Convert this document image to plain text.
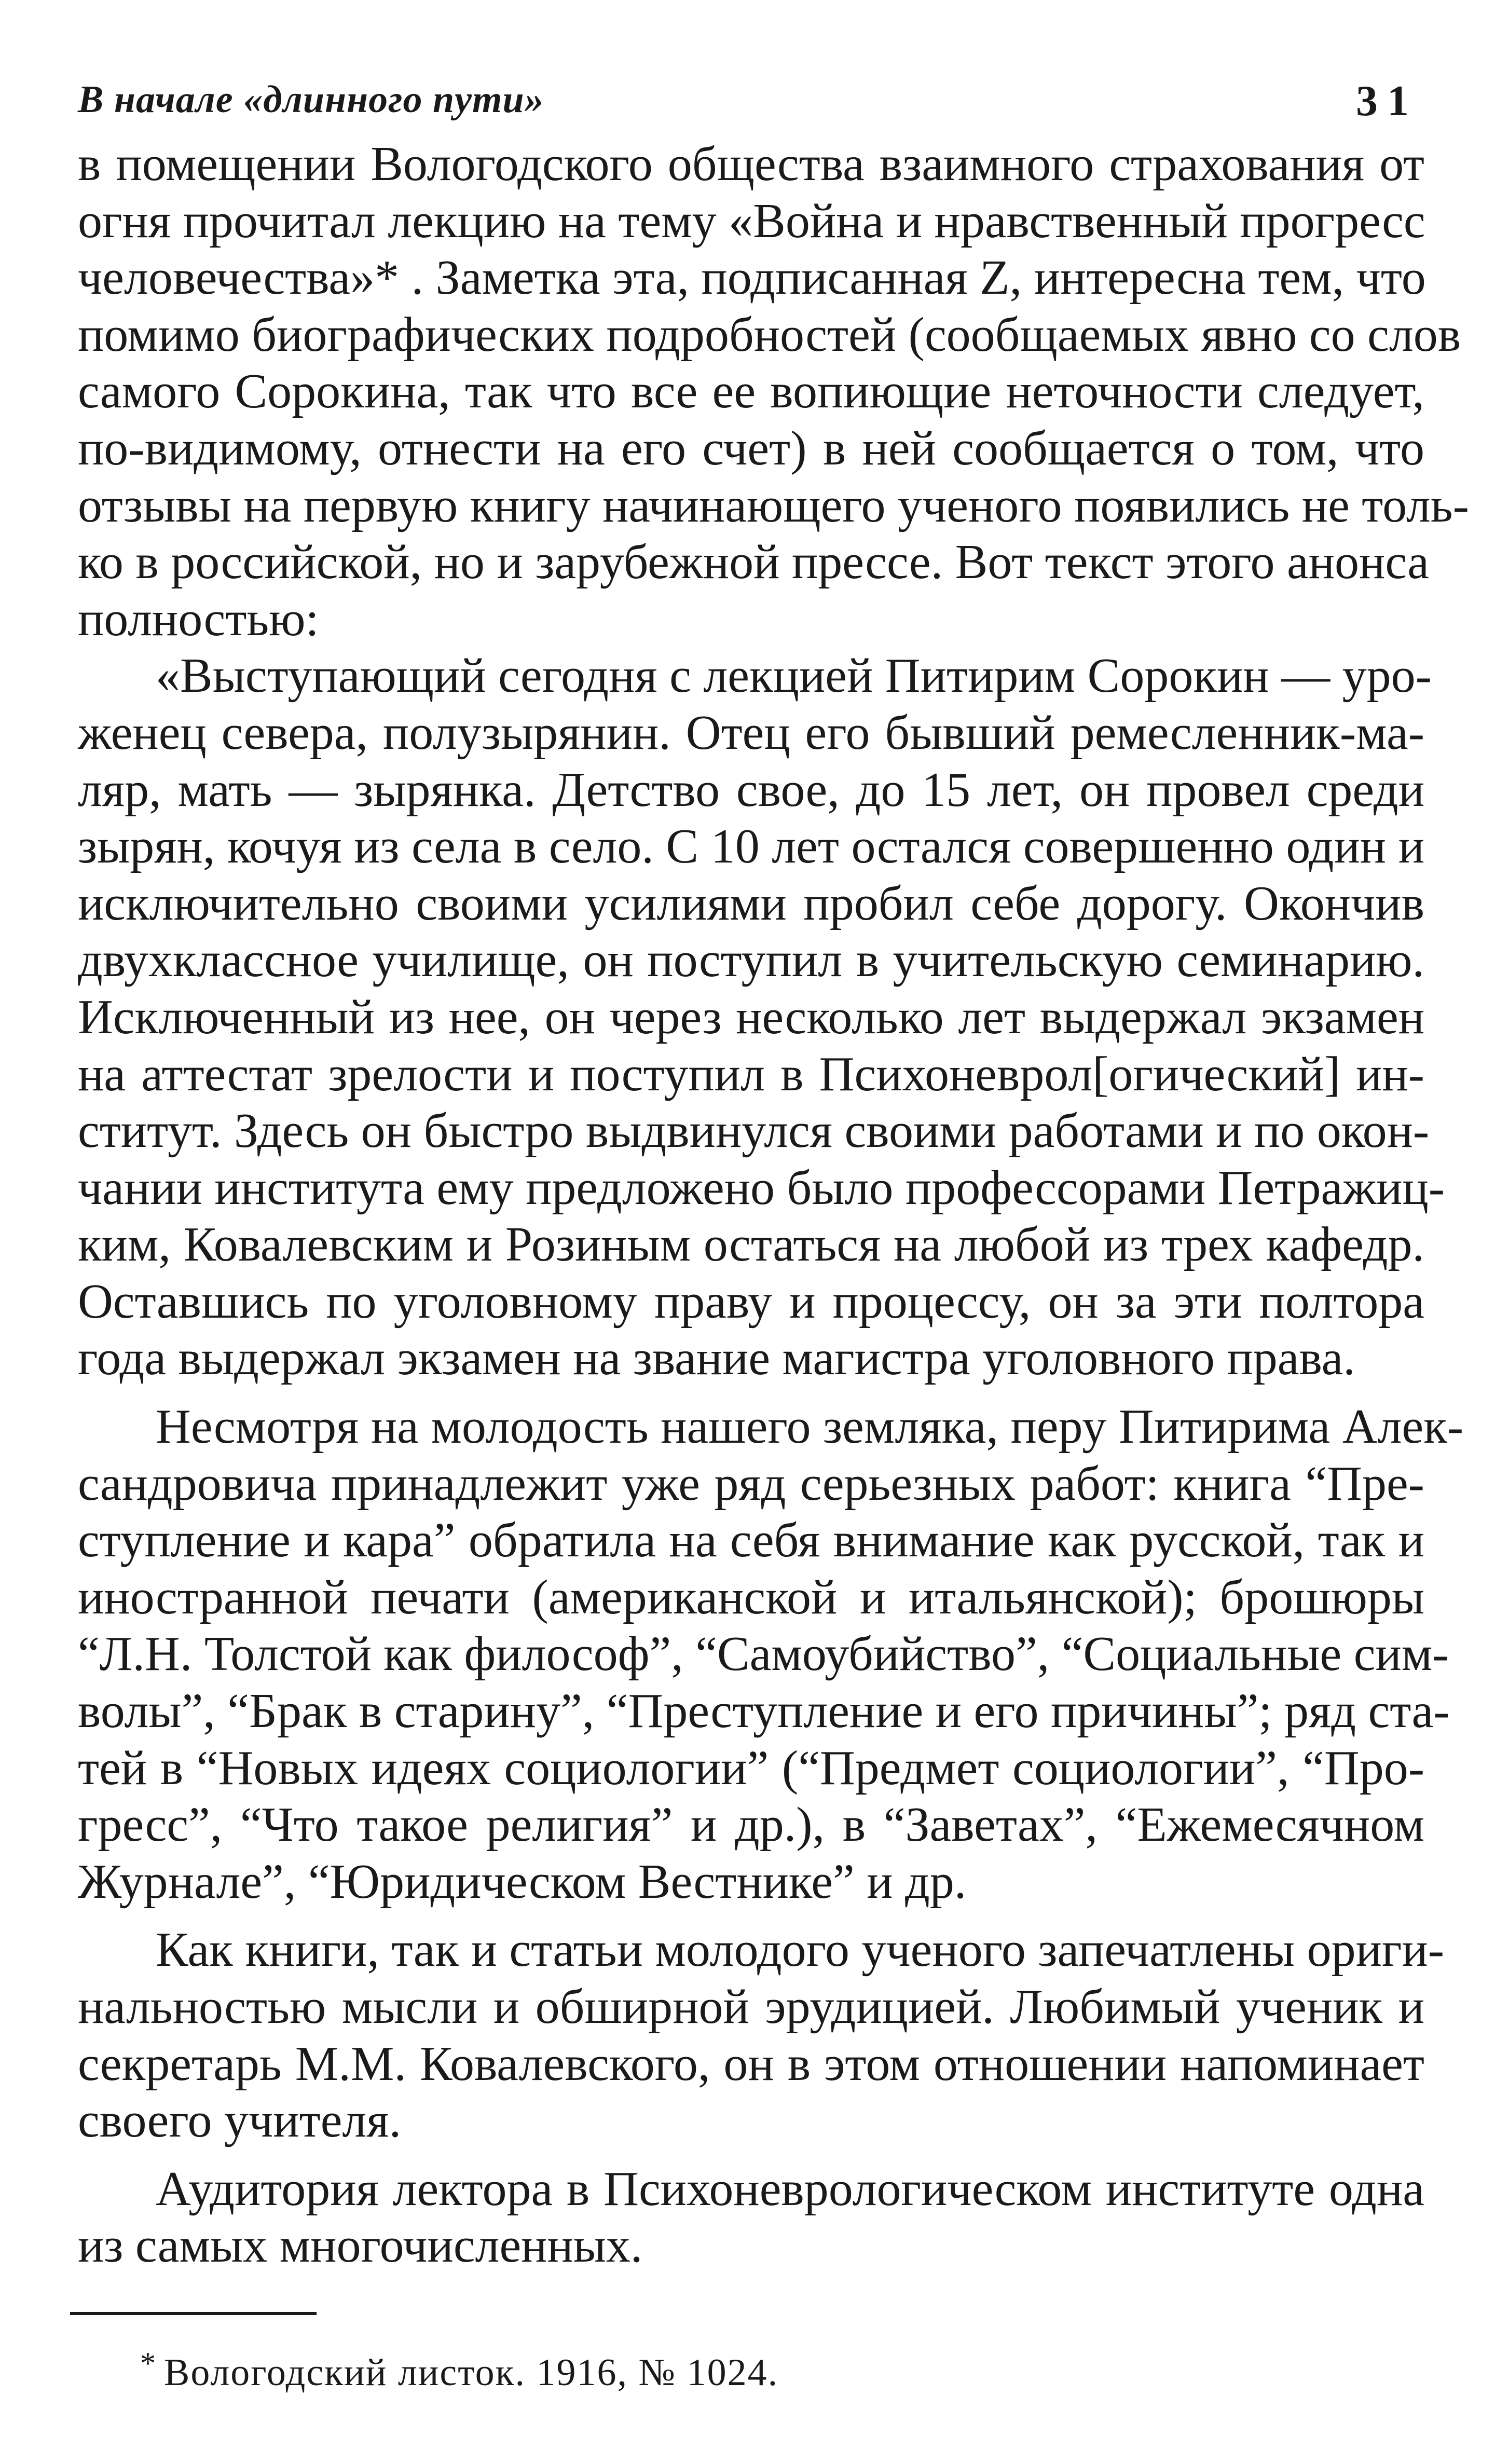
В начале «длинного пути»	31
в помещении Вологодского общества взаимного страхования от
огня прочитал лекцию на тему «Война и нравственный прогресс
человечества»* . Заметка эта, подписанная Z, интересна тем, что
помимо биографических подробностей (сообщаемых явно со слов
самого Сорокина, так что все ее вопиющие неточности следует,
по-видимому, отнести на его счет) в ней сообщается о том, что
отзывы на первую книгу начинающего ученого появились не толь-
ко в российской, но и зарубежной прессе. Вот текст этого анонса
полностью:
«Выступающий сегодня с лекцией Питирим Сорокин — уро-
женец севера, полузырянин. Отец его бывший ремесленник-ма-
ляр, мать — зырянка. Детство свое, до 15 лет, он провел среди
зырян, кочуя из села в село. С 10 лет остался совершенно один и
исключительно своими усилиями пробил себе дорогу. Окончив
двухклассное училище, он поступил в учительскую семинарию.
Исключенный из нее, он через несколько лет выдержал экзамен
на аттестат зрелости и поступил в Психоневрол[огический] ин-
ститут. Здесь он быстро выдвинулся своими работами и по окон-
чании института ему предложено было профессорами Петражиц-
ким, Ковалевским и Розиным остаться на любой из трех кафедр.
Оставшись по уголовному праву и процессу, он за эти полтора
года выдержал экзамен на звание магистра уголовного права.
Несмотря на молодость нашего земляка, перу Питирима Алек-
сандровича принадлежит уже ряд серьезных работ: книга “Пре-
ступление и кара” обратила на себя внимание как русской, так и
иностранной печати (американской и итальянской); брошюры
“Л.Н. Толстой как философ”, “Самоубийство”, “Социальные сим-
волы”, “Брак в старину”, “Преступление и его причины”; ряд ста-
тей в “Новых идеях социологии” (“Предмет социологии”, “Про-
гресс”, “Что такое религия” и др.), в “Заветах”, “Ежемесячном
Журнале”, “Юридическом Вестнике” и др.
Как книги, так и статьи молодого ученого запечатлены ориги-
нальностью мысли и обширной эрудицией. Любимый ученик и
секретарь М.М. Ковалевского, он в этом отношении напоминает
своего учителя.
Аудитория лектора в Психоневрологическом институте одна
из самых многочисленных.
* Вологодский листок. 1916, № 1024.
